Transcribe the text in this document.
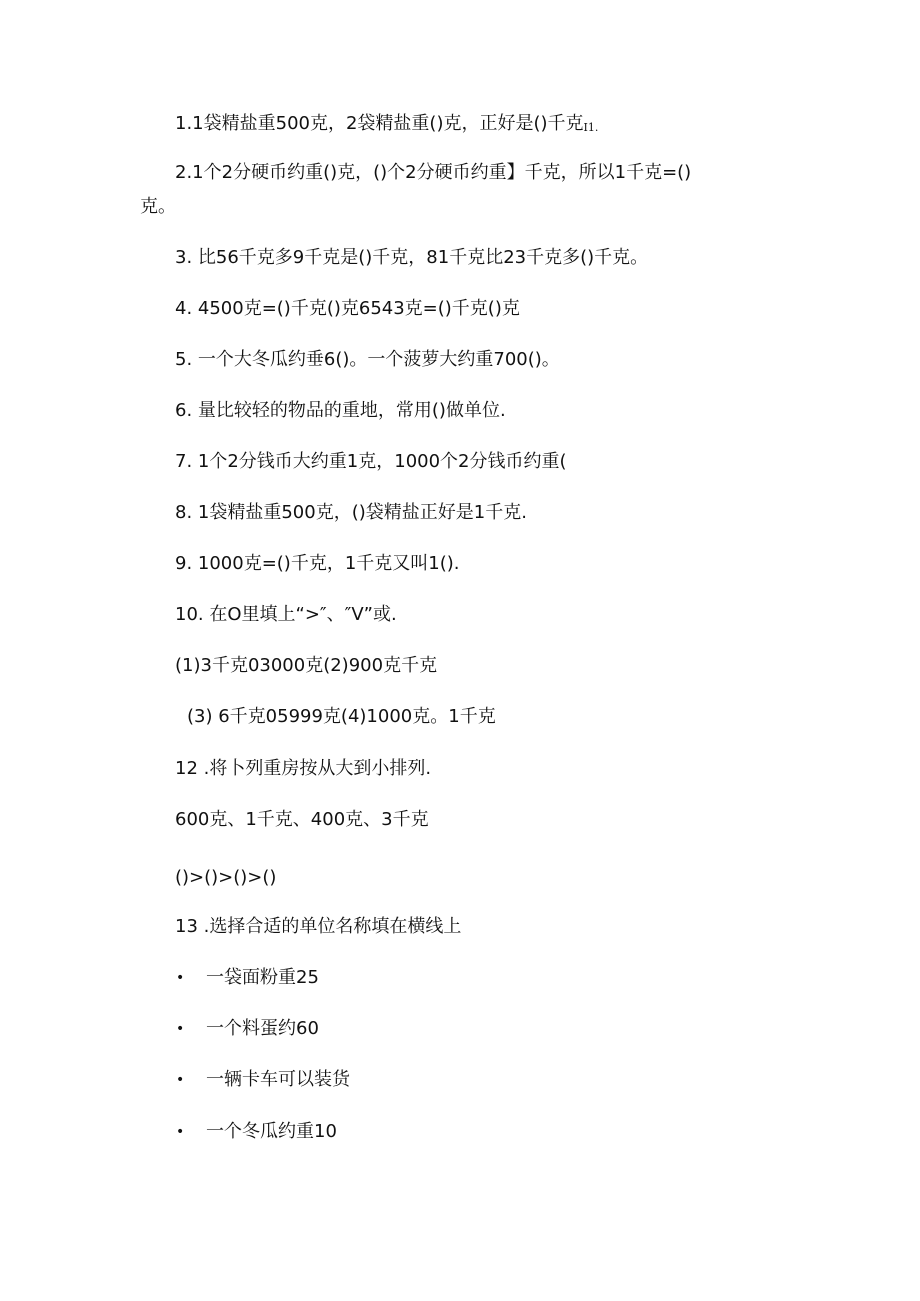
1.1袋精盐重500克，2袋精盐重()克，正好是()千克I1.
2.1个2分硬币约重()克，()个2分硬币约重】千克，所以1千克=()
克。
3. 比56千克多9千克是()千克，81千克比23千克多()千克。
4. 4500克=()千克()克6543克=()千克()克
5. 一个大冬瓜约垂6()。一个菠萝大约重700()。
6. 量比较轻的物品的重地，常用()做单位.
7. 1个2分钱币大约重1克，1000个2分钱币约重(
8. 1袋精盐重500克，()袋精盐正好是1千克.
9. 1000克=()千克，1千克又叫1().
10. 在O里填上“>″、″V”或.
(1)3千克03000克(2)900克千克
(3) 6千克05999克(4)1000克。1千克
12 .将卜列重房按从大到小排列.
600克、1千克、400克、3千克
()>()>()>()
13 .选择合适的单位名称填在横线上
• 一袋面粉重25
• 一个料蛋约60
• 一辆卡车可以装货
• 一个冬瓜约重10
